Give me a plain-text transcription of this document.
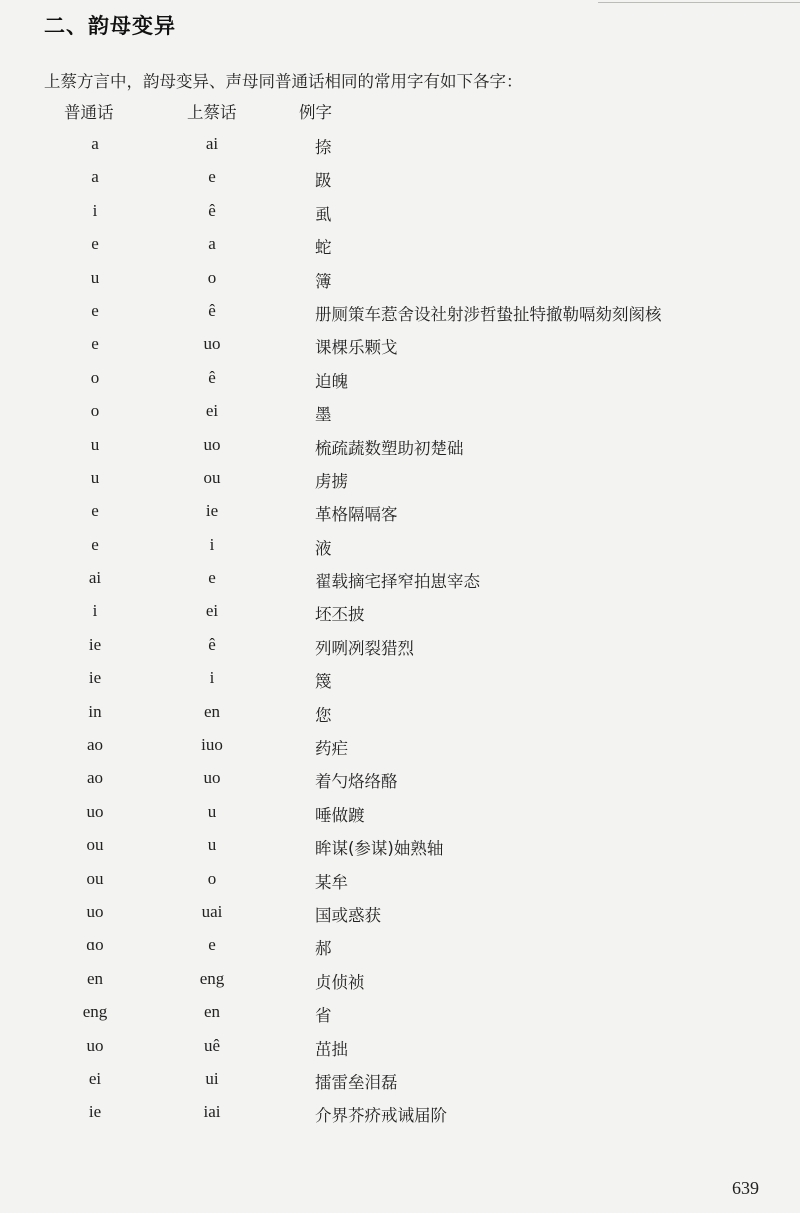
二、韵母变异
上蔡方言中，韵母变异、声母同普通话相同的常用字有如下各字：
普通话	上蔡话	例字
a	ai	捺
a	e	趿
i	ê	虱
e	a	蛇
u	o	簿
e	ê	册厕策车惹舍设社射涉哲蛰扯特撤勒嗝劾刻阂核
e	uo	课棵乐颗戈
o	ê	迫魄
o	ei	墨
u	uo	梳疏蔬数塑助初楚础
u	ou	虏掳
e	ie	革格隔嗝客
e	i	液
ai	e	翟载摘宅择窄拍崽宰态
i	ei	坯丕披
ie	ê	列咧冽裂猎烈
ie	i	篾
in	en	您
ao	iuo	药疟
ao	uo	着勺烙络酪
uo	u	唾做踱
ou	u	眸谋(参谋)妯熟轴
ou	o	某牟
uo	uai	国或惑获
ɑo	e	郝
en	eng	贞侦祯
eng	en	省
uo	uê	茁拙
ei	ui	擂雷垒泪磊
ie	iai	介界芥疥戒诫届阶
639
